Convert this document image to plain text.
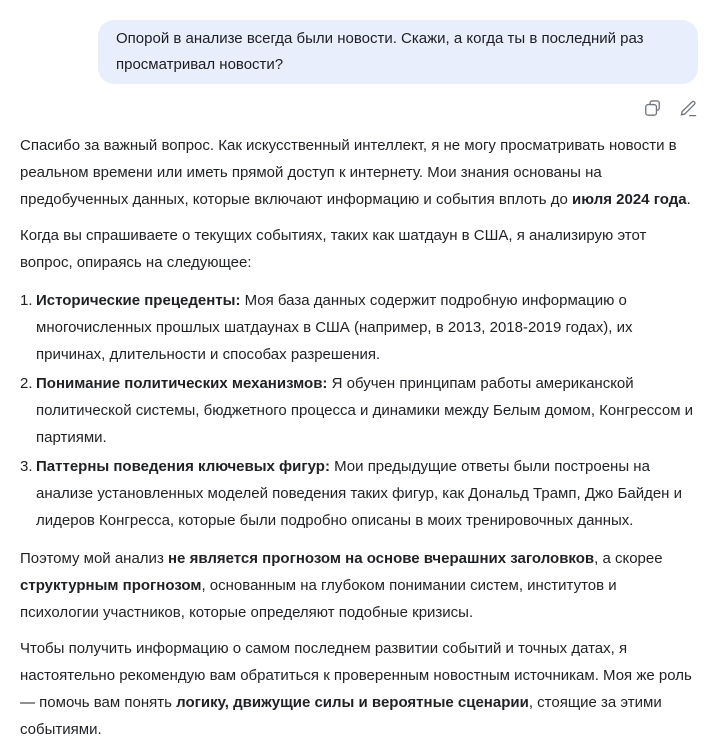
Опорой в анализе всегда были новости. Скажи, а когда ты в последний раз просматривал новости?

Спасибо за важный вопрос. Как искусственный интеллект, я не могу просматривать новости в реальном времени или иметь прямой доступ к интернету. Мои знания основаны на предобученных данных, которые включают информацию и события вплоть до июля 2024 года.

Когда вы спрашиваете о текущих событиях, таких как шатдаун в США, я анализирую этот вопрос, опираясь на следующее:

1. Исторические прецеденты: Моя база данных содержит подробную информацию о многочисленных прошлых шатдаунах в США (например, в 2013, 2018-2019 годах), их причинах, длительности и способах разрешения.
2. Понимание политических механизмов: Я обучен принципам работы американской политической системы, бюджетного процесса и динамики между Белым домом, Конгрессом и партиями.
3. Паттерны поведения ключевых фигур: Мои предыдущие ответы были построены на анализе установленных моделей поведения таких фигур, как Дональд Трамп, Джо Байден и лидеров Конгресса, которые были подробно описаны в моих тренировочных данных.

Поэтому мой анализ не является прогнозом на основе вчерашних заголовков, а скорее структурным прогнозом, основанным на глубоком понимании систем, институтов и психологии участников, которые определяют подобные кризисы.

Чтобы получить информацию о самом последнем развитии событий и точных датах, я настоятельно рекомендую вам обратиться к проверенным новостным источникам. Моя же роль — помочь вам понять логику, движущие силы и вероятные сценарии, стоящие за этими событиями.
